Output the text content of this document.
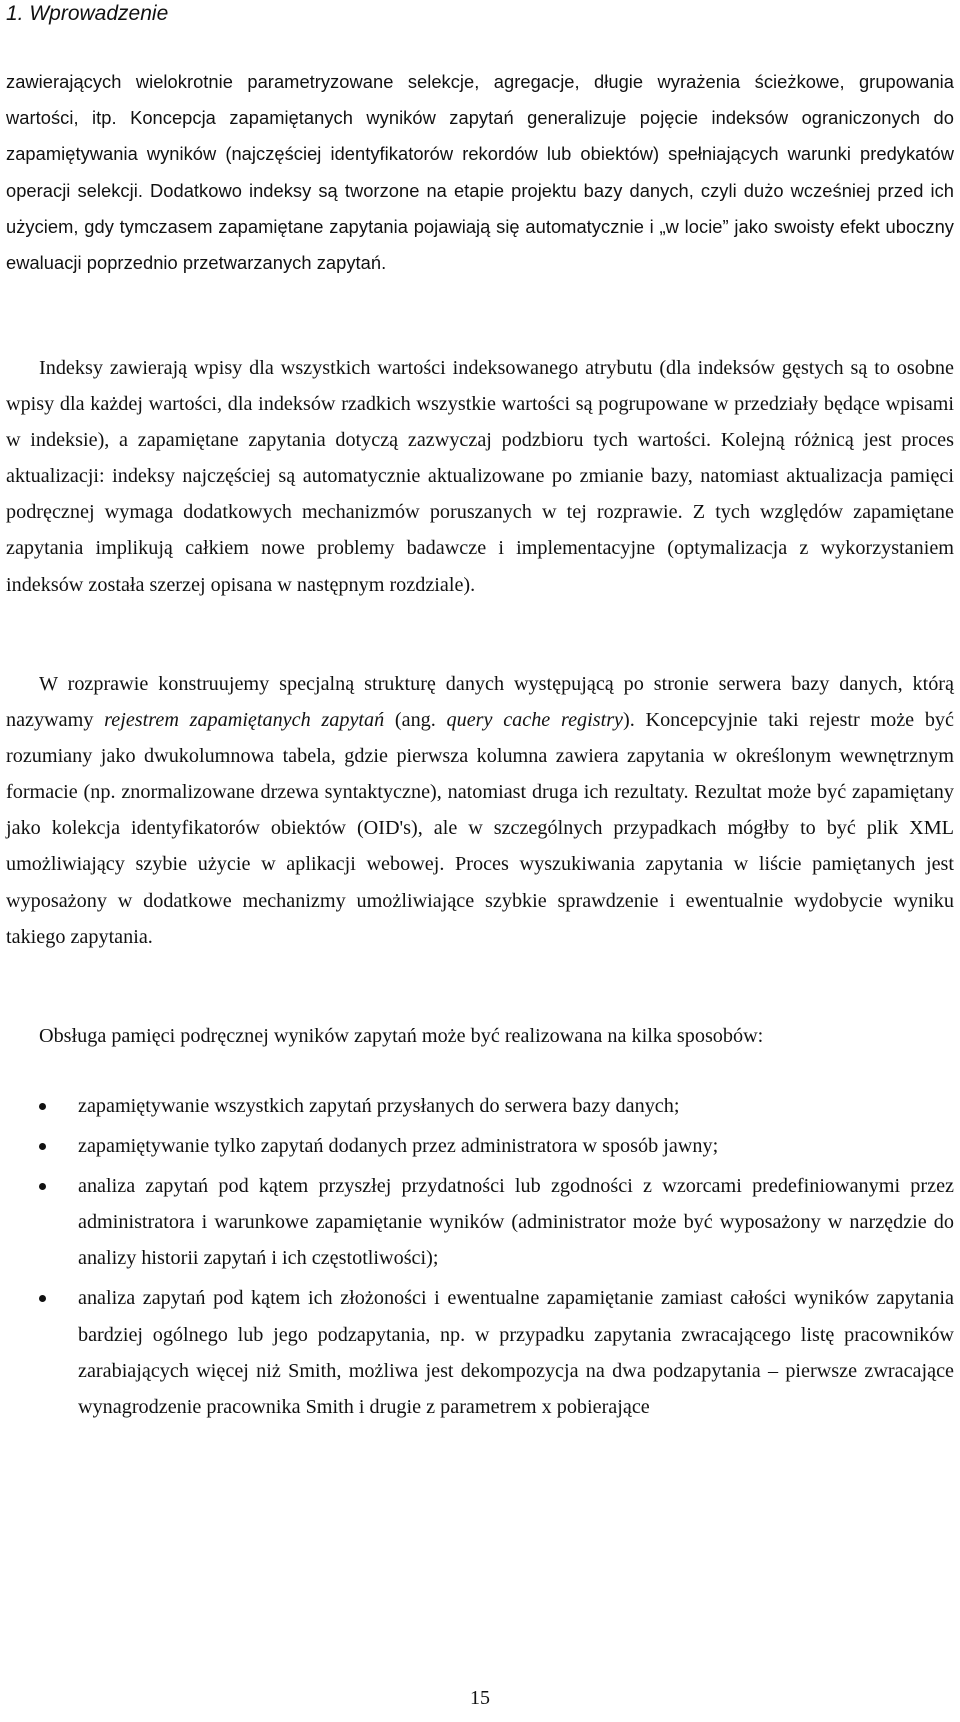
1. Wprowadzenie

zawierających wielokrotnie parametryzowane selekcje, agregacje, długie wyrażenia ścieżkowe, grupowania wartości, itp. Koncepcja zapamiętanych wyników zapytań generalizuje pojęcie indeksów ograniczonych do zapamiętywania wyników (najczęściej identyfikatorów rekordów lub obiektów) spełniających warunki predykatów operacji selekcji. Dodatkowo indeksy są tworzone na etapie projektu bazy danych, czyli dużo wcześniej przed ich użyciem, gdy tymczasem zapamiętane zapytania pojawiają się automatycznie i „w locie” jako swoisty efekt uboczny ewaluacji poprzednio przetwarzanych zapytań.

Indeksy zawierają wpisy dla wszystkich wartości indeksowanego atrybutu (dla indeksów gęstych są to osobne wpisy dla każdej wartości, dla indeksów rzadkich wszystkie wartości są pogrupowane w przedziały będące wpisami w indeksie), a zapamiętane zapytania dotyczą zazwyczaj podzbioru tych wartości. Kolejną różnicą jest proces aktualizacji: indeksy najczęściej są automatycznie aktualizowane po zmianie bazy, natomiast aktualizacja pamięci podręcznej wymaga dodatkowych mechanizmów poruszanych w tej rozprawie. Z tych względów zapamiętane zapytania implikują całkiem nowe problemy badawcze i implementacyjne (optymalizacja z wykorzystaniem indeksów została szerzej opisana w następnym rozdziale).

W rozprawie konstruujemy specjalną strukturę danych występującą po stronie serwera bazy danych, którą nazywamy rejestrem zapamiętanych zapytań (ang. query cache registry). Koncepcyjnie taki rejestr może być rozumiany jako dwukolumnowa tabela, gdzie pierwsza kolumna zawiera zapytania w określonym wewnętrznym formacie (np. znormalizowane drzewa syntaktyczne), natomiast druga ich rezultaty. Rezultat może być zapamiętany jako kolekcja identyfikatorów obiektów (OID's), ale w szczególnych przypadkach mógłby to być plik XML umożliwiający szybie użycie w aplikacji webowej. Proces wyszukiwania zapytania w liście pamiętanych jest wyposażony w dodatkowe mechanizmy umożliwiające szybkie sprawdzenie i ewentualnie wydobycie wyniku takiego zapytania.

Obsługa pamięci podręcznej wyników zapytań może być realizowana na kilka sposobów:

zapamiętywanie wszystkich zapytań przysłanych do serwera bazy danych;
zapamiętywanie tylko zapytań dodanych przez administratora w sposób jawny;
analiza zapytań pod kątem przyszłej przydatności lub zgodności z wzorcami predefiniowanymi przez administratora i warunkowe zapamiętanie wyników (administrator może być wyposażony w narzędzie do analizy historii zapytań i ich częstotliwości);
analiza zapytań pod kątem ich złożoności i ewentualne zapamiętanie zamiast całości wyników zapytania bardziej ogólnego lub jego podzapytania, np. w przypadku zapytania zwracającego listę pracowników zarabiających więcej niż Smith, możliwa jest dekompozycja na dwa podzapytania – pierwsze zwracające wynagrodzenie pracownika Smith i drugie z parametrem x pobierające
15
